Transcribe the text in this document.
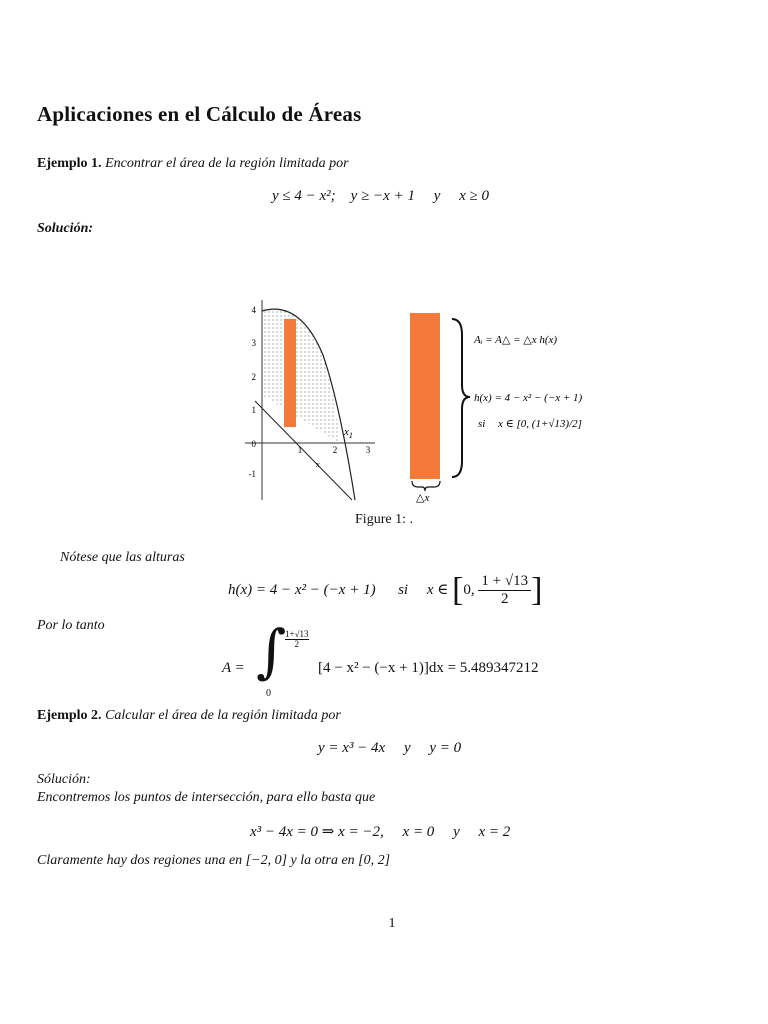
Aplicaciones en el Cálculo de Áreas
Ejemplo 1. Encontrar el área de la región limitada por
y ≤ 4 − x²; y ≥ −x + 1 y x ≥ 0
Solución:
4
3
2
1
0
-1
1	2	3
$x_1$
x
△x
Aᵢ = A△ = △x h(x)
h(x) = 4 − x² − (−x + 1)
si x ∈ [0, (1+√13)/2]
Figure 1: .
Nótese que las alturas
h(x) = 4 − x² − (−x + 1) si x ∈ [0, $\frac{1 + √13}{2}$ ]
Por lo tanto
A = ∫
$\frac{1+√13}{2}$
0
[4 − x² − (−x + 1)]dx = 5.489347212
Ejemplo 2. Calcular el área de la región limitada por
y = x³ − 4x y y = 0
Sólución:
Encontremos los puntos de intersección, para ello basta que
x³ − 4x = 0 ⇒ x = −2, x = 0 y x = 2
Claramente hay dos regiones una en [−2, 0] y la otra en [0, 2]
1
